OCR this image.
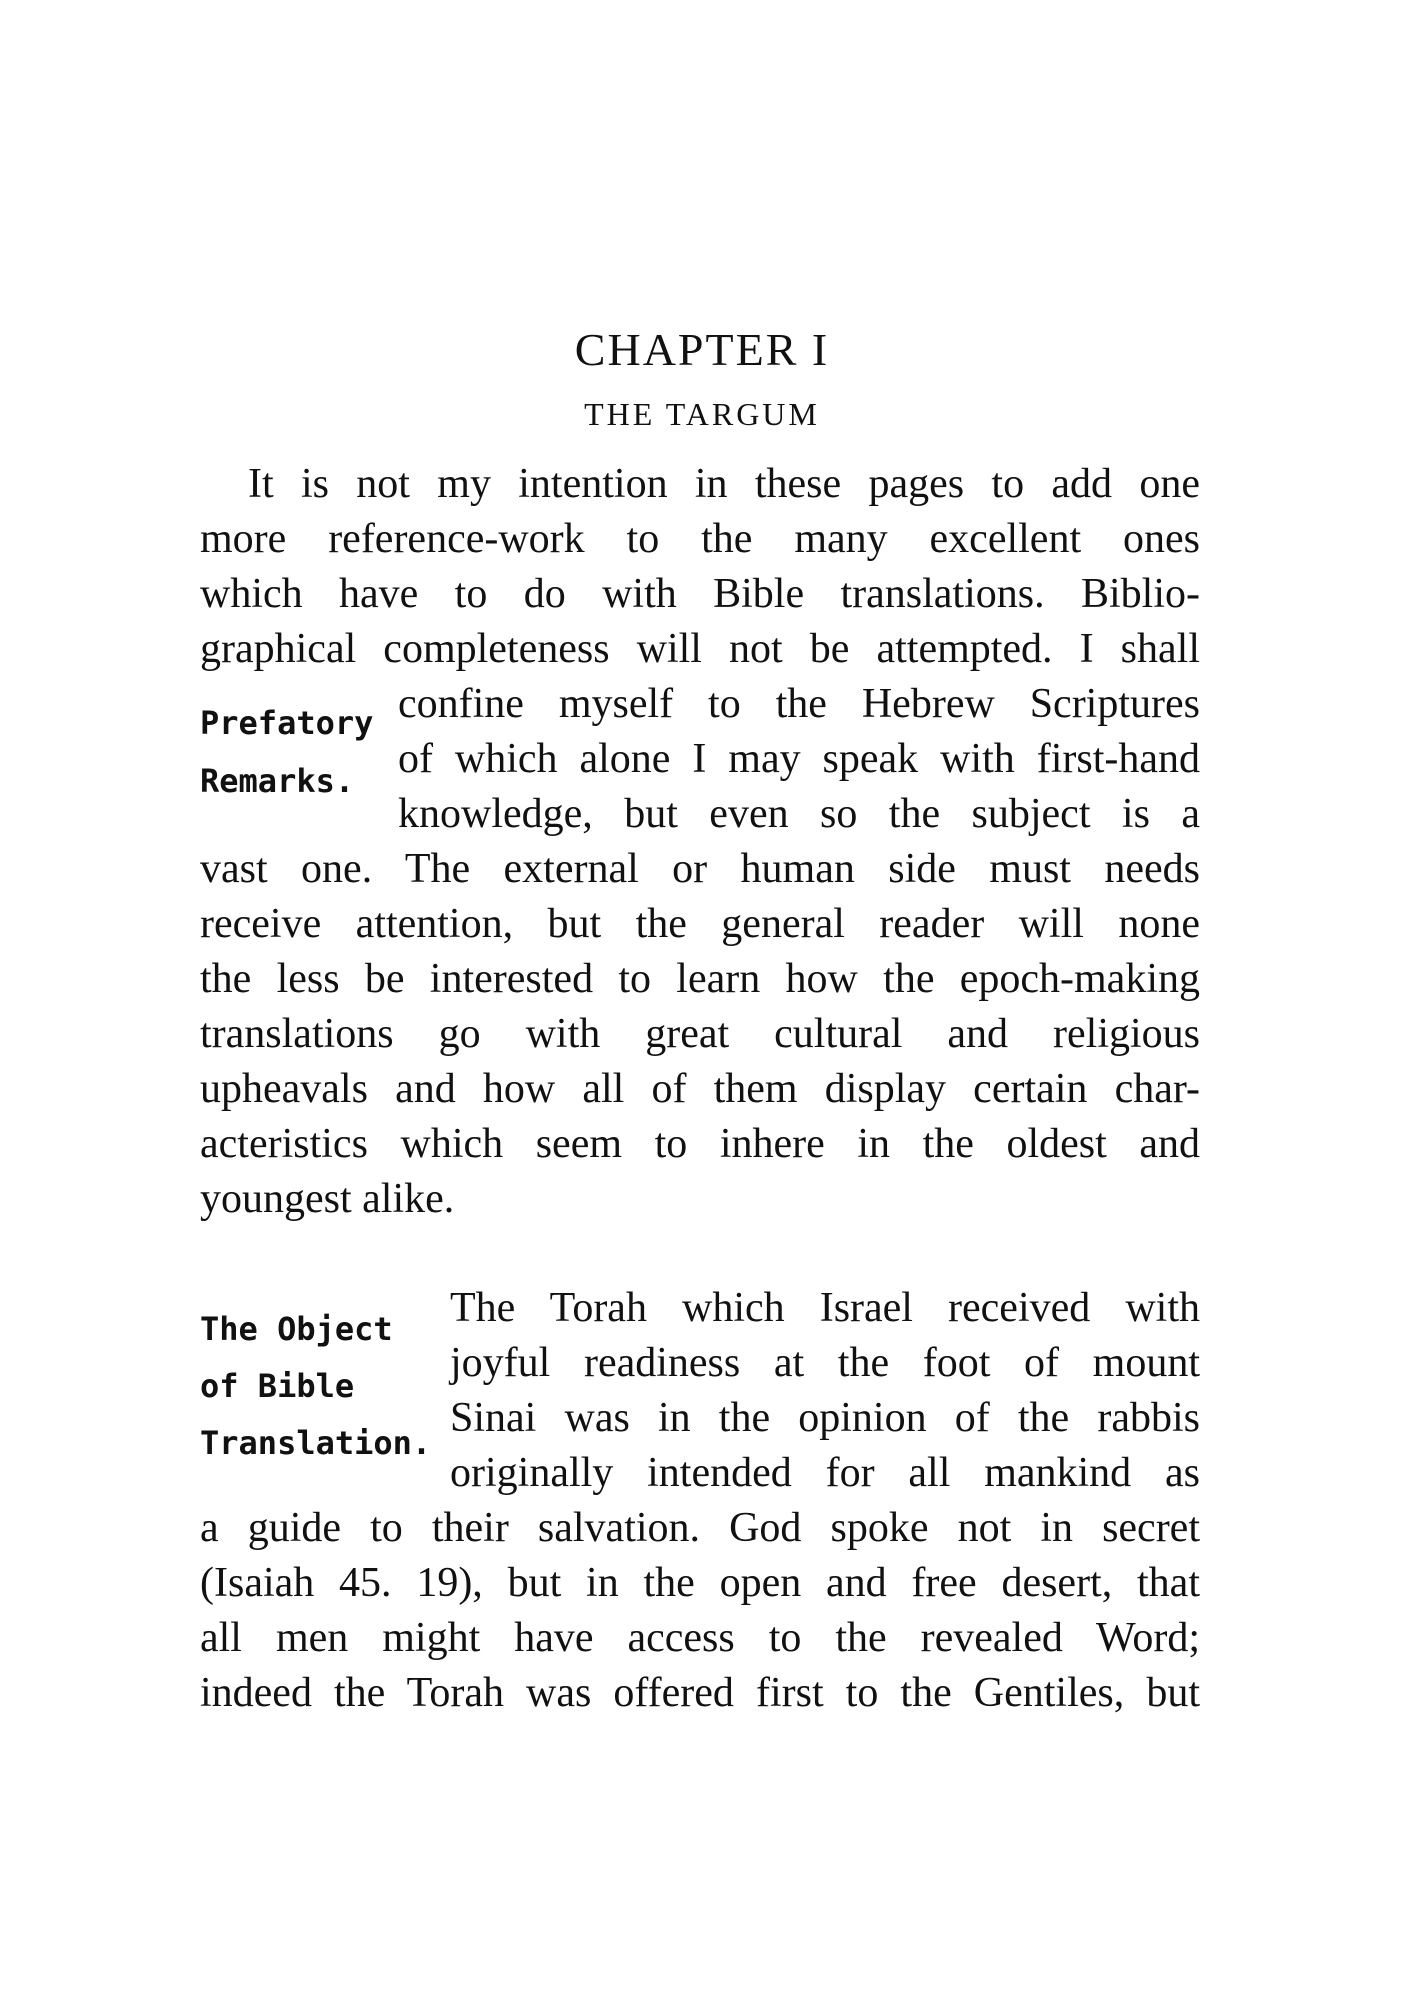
CHAPTER I
THE TARGUM
It is not my intention in these pages to add one
more reference-work to the many excellent ones
which have to do with Bible translations. Biblio-
graphical completeness will not be attempted. I shall
confine myself to the Hebrew Scriptures
of which alone I may speak with first-hand
knowledge, but even so the subject is a
vast one. The external or human side must needs
receive attention, but the general reader will none
the less be interested to learn how the epoch-making
translations go with great cultural and religious
upheavals and how all of them display certain char-
acteristics which seem to inhere in the oldest and
youngest alike.
Prefatory
Remarks.
The Torah which Israel received with
joyful readiness at the foot of mount
Sinai was in the opinion of the rabbis
originally intended for all mankind as
a guide to their salvation. God spoke not in secret
(Isaiah 45. 19), but in the open and free desert, that
all men might have access to the revealed Word;
indeed the Torah was offered first to the Gentiles, but
The Object
of Bible
Translation.
